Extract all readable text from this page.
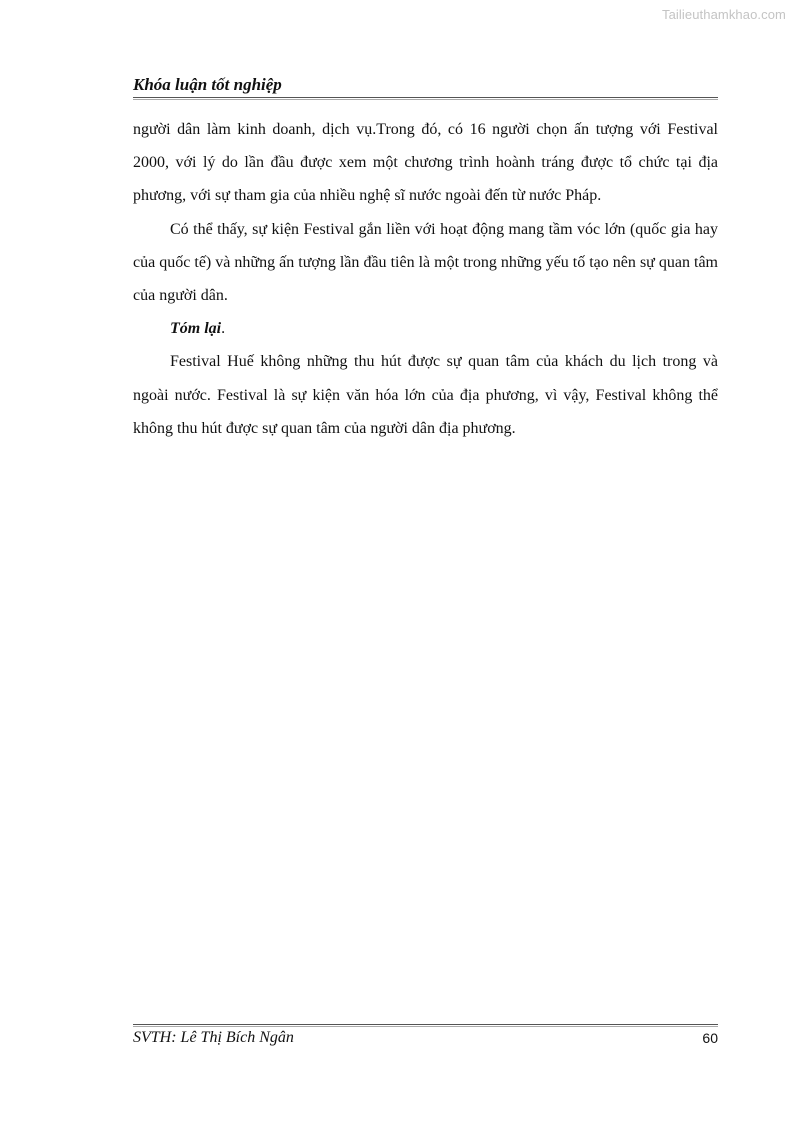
Tailieuthamkhao.com
Khóa luận tốt nghiệp

người dân làm kinh doanh, dịch vụ.Trong đó, có 16 người chọn ấn tượng với Festival 2000, với lý do lần đầu được xem một chương trình hoành tráng được tổ chức tại địa phương, với sự tham gia của nhiều nghệ sĩ nước ngoài đến từ nước Pháp.

Có thể thấy, sự kiện Festival gắn liền với hoạt động mang tầm vóc lớn (quốc gia hay của quốc tế) và những ấn tượng lần đầu tiên là một trong những yếu tố tạo nên sự quan tâm của người dân.

Tóm lại.

Festival Huế không những thu hút được sự quan tâm của khách du lịch trong và ngoài nước. Festival là sự kiện văn hóa lớn của địa phương, vì vậy, Festival không thể không thu hút được sự quan tâm của người dân địa phương.

SVTH: Lê Thị Bích Ngân	60
